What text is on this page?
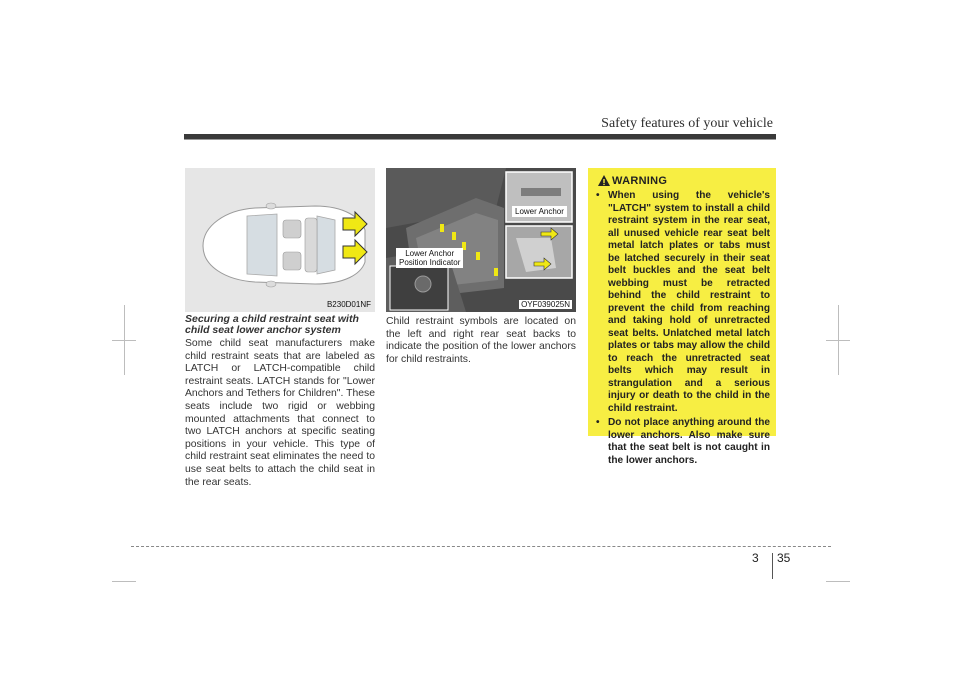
Safety features of your vehicle
B230D01NF
Securing a child restraint seat with child seat lower anchor system
Some child seat manufacturers make child restraint seats that are labeled as LATCH or LATCH-compatible child restraint seats. LATCH stands for "Lower Anchors and Tethers for Children". These seats include two rigid or webbing mounted attachments that connect to two LATCH anchors at specific seating positions in your vehicle. This type of child restraint seat eliminates the need to use seat belts to attach the child seat in the rear seats.
Lower Anchor
Lower Anchor
Position Indicator
OYF039025N
Child restraint symbols are located on the left and right rear seat backs to indicate the position of the lower anchors for child restraints.
WARNING
• When using the vehicle's "LATCH" system to install a child restraint system in the rear seat, all unused vehicle rear seat belt metal latch plates or tabs must be latched securely in their seat belt buckles and the seat belt webbing must be retracted behind the child restraint to prevent the child from reaching and taking hold of unretracted seat belts. Unlatched metal latch plates or tabs may allow the child to reach the unretracted seat belts which may result in strangulation and a serious injury or death to the child in the child restraint.
• Do not place anything around the lower anchors. Also make sure that the seat belt is not caught in the lower anchors.
3 35
